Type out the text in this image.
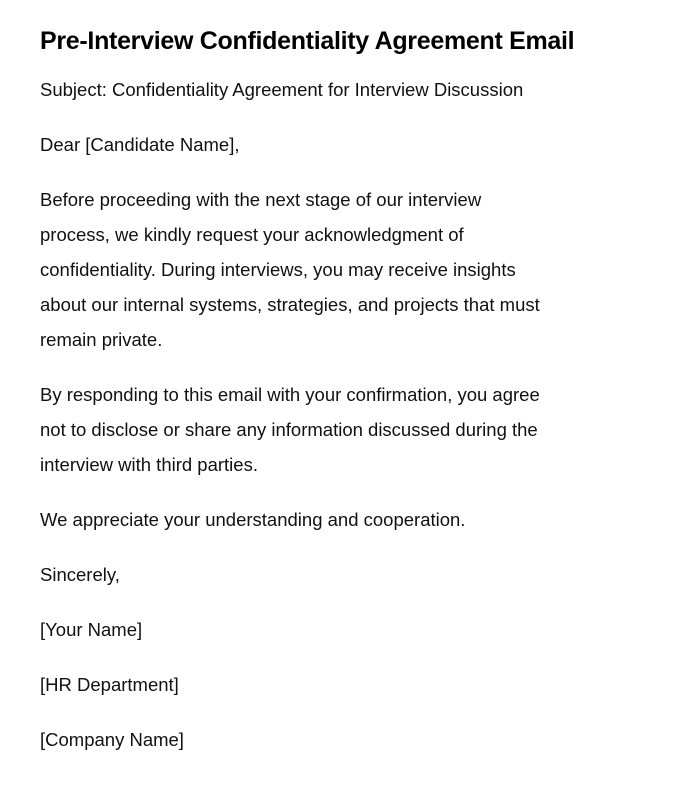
Pre-Interview Confidentiality Agreement Email

Subject: Confidentiality Agreement for Interview Discussion

Dear [Candidate Name],

Before proceeding with the next stage of our interview
process, we kindly request your acknowledgment of
confidentiality. During interviews, you may receive insights
about our internal systems, strategies, and projects that must
remain private.

By responding to this email with your confirmation, you agree
not to disclose or share any information discussed during the
interview with third parties.

We appreciate your understanding and cooperation.

Sincerely,

[Your Name]

[HR Department]

[Company Name]
